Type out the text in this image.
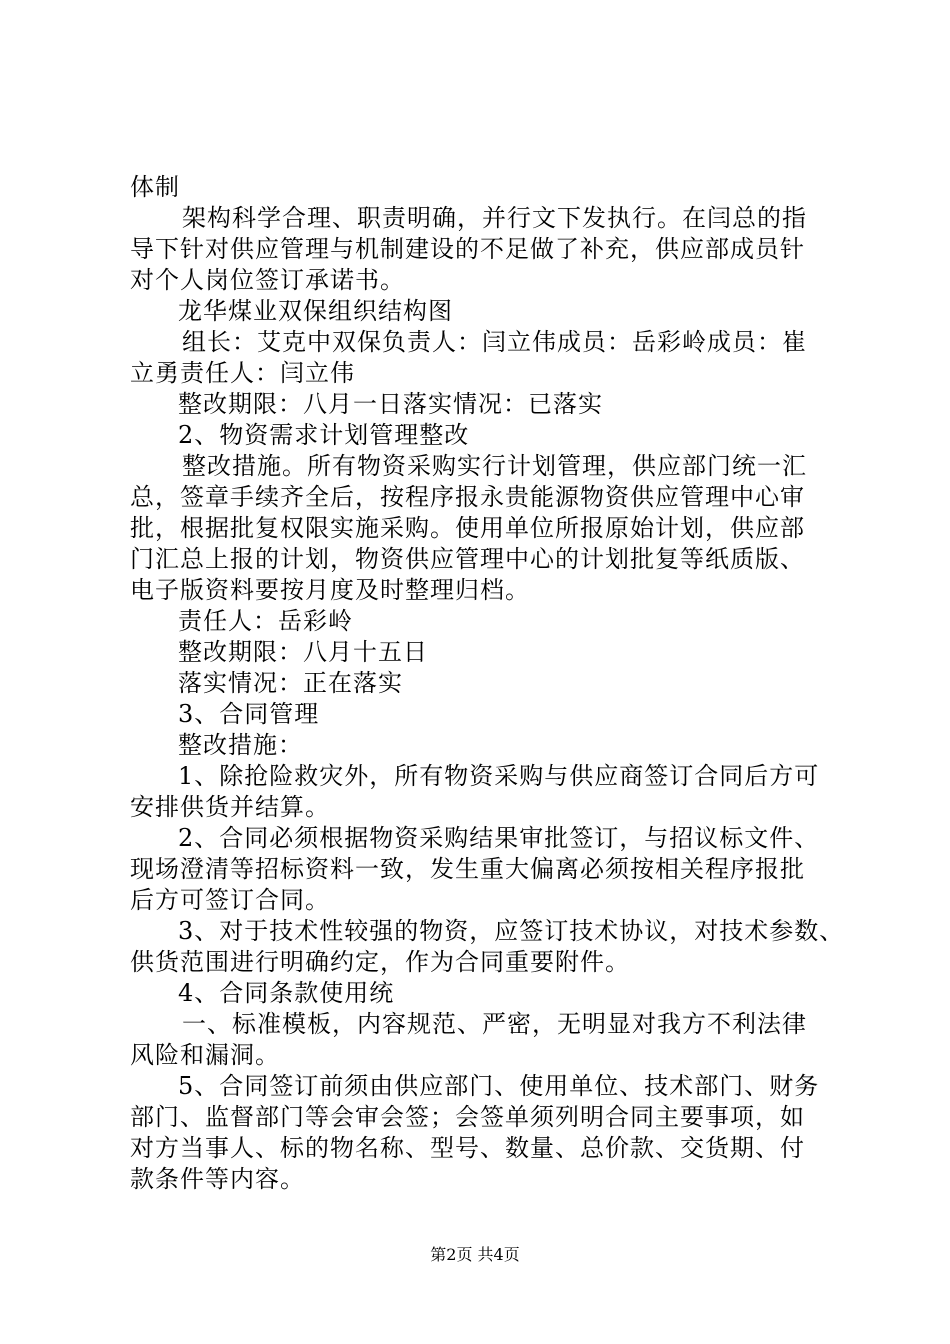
体制
架构科学合理、职责明确，并行文下发执行。在闫总的指
导下针对供应管理与机制建设的不足做了补充，供应部成员针
对个人岗位签订承诺书。
龙华煤业双保组织结构图
组长：艾克中双保负责人：闫立伟成员：岳彩岭成员：崔
立勇责任人：闫立伟
整改期限：八月一日落实情况：已落实
2、物资需求计划管理整改
整改措施。所有物资采购实行计划管理，供应部门统一汇
总，签章手续齐全后，按程序报永贵能源物资供应管理中心审
批，根据批复权限实施采购。使用单位所报原始计划，供应部
门汇总上报的计划，物资供应管理中心的计划批复等纸质版、
电子版资料要按月度及时整理归档。
责任人：岳彩岭
整改期限：八月十五日
落实情况：正在落实
3、合同管理
整改措施：
1、除抢险救灾外，所有物资采购与供应商签订合同后方可
安排供货并结算。
2、合同必须根据物资采购结果审批签订，与招议标文件、
现场澄清等招标资料一致，发生重大偏离必须按相关程序报批
后方可签订合同。
3、对于技术性较强的物资，应签订技术协议，对技术参数、
供货范围进行明确约定，作为合同重要附件。
4、合同条款使用统
一、标准模板，内容规范、严密，无明显对我方不利法律
风险和漏洞。
5、合同签订前须由供应部门、使用单位、技术部门、财务
部门、监督部门等会审会签；会签单须列明合同主要事项，如
对方当事人、标的物名称、型号、数量、总价款、交货期、付
款条件等内容。
第2页 共4页
